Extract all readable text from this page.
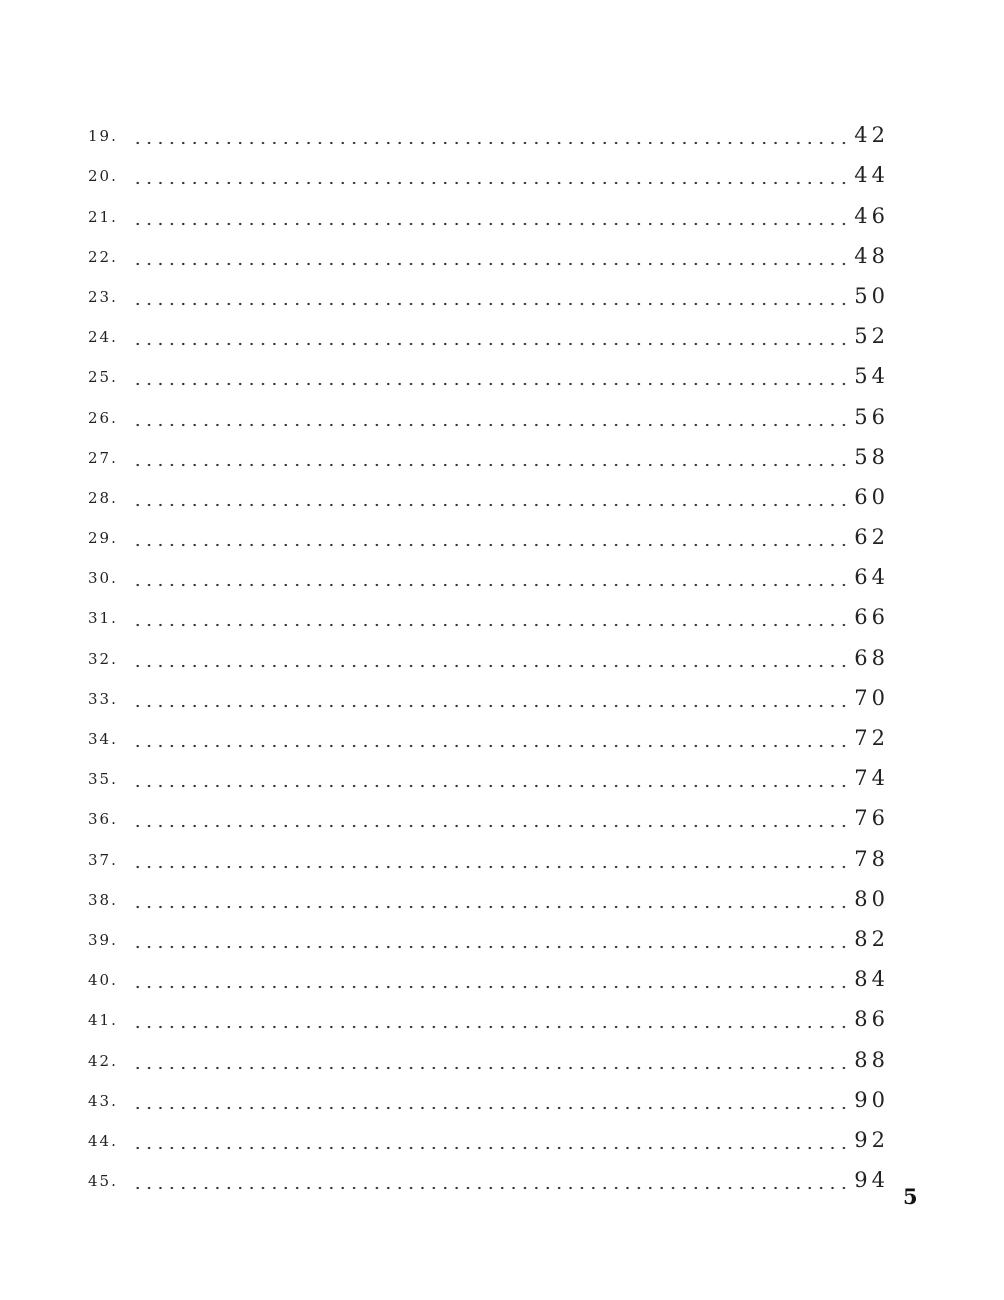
19.	42
20.	44
21.	46
22.	48
23.	50
24.	52
25.	54
26.	56
27.	58
28.	60
29.	62
30.	64
31.	66
32.	68
33.	70
34.	72
35.	74
36.	76
37.	78
38.	80
39.	82
40.	84
41.	86
42.	88
43.	90
44.	92
45.	94
5
